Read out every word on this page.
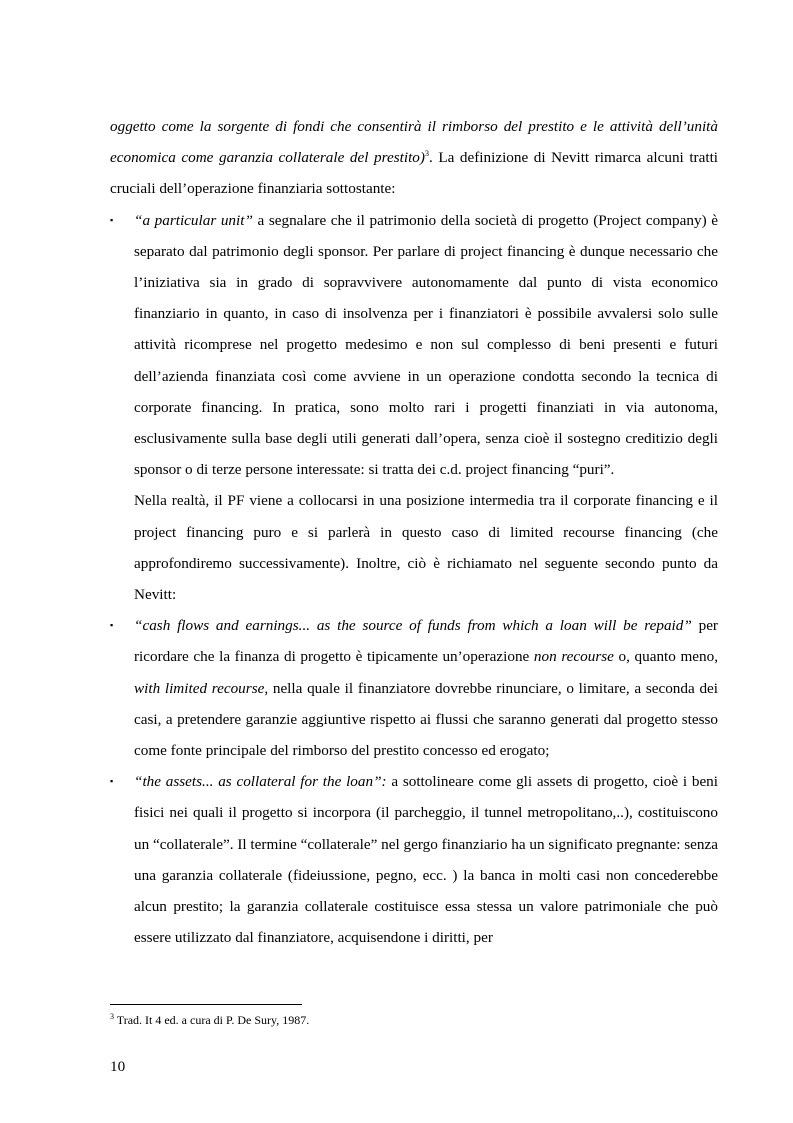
oggetto come la sorgente di fondi che consentirà il rimborso del prestito e le attività dell’unità economica come garanzia collaterale del prestito)$^3$. La definizione di Nevitt rimarca alcuni tratti cruciali dell’operazione finanziaria sottostante:

▪ “a particular unit” a segnalare che il patrimonio della società di progetto (Project company) è separato dal patrimonio degli sponsor. Per parlare di project financing è dunque necessario che l’iniziativa sia in grado di sopravvivere autonomamente dal punto di vista economico finanziario in quanto, in caso di insolvenza per i finanziatori è possibile avvalersi solo sulle attività ricomprese nel progetto medesimo e non sul complesso di beni presenti e futuri dell’azienda finanziata così come avviene in un operazione condotta secondo la tecnica di corporate financing. In pratica, sono molto rari i progetti finanziati in via autonoma, esclusivamente sulla base degli utili generati dall’opera, senza cioè il sostegno creditizio degli sponsor o di terze persone interessate: si tratta dei c.d. project financing “puri”.

Nella realtà, il PF viene a collocarsi in una posizione intermedia tra il corporate financing e il project financing puro e si parlerà in questo caso di limited recourse financing (che approfondiremo successivamente). Inoltre, ciò è richiamato nel seguente secondo punto da Nevitt:

▪ “cash flows and earnings... as the source of funds from which a loan will be repaid” per ricordare che la finanza di progetto è tipicamente un’operazione non recourse o, quanto meno, with limited recourse, nella quale il finanziatore dovrebbe rinunciare, o limitare, a seconda dei casi, a pretendere garanzie aggiuntive rispetto ai flussi che saranno generati dal progetto stesso come fonte principale del rimborso del prestito concesso ed erogato;

▪ “the assets... as collateral for the loan”: a sottolineare come gli assets di progetto, cioè i beni fisici nei quali il progetto si incorpora (il parcheggio, il tunnel metropolitano,..), costituiscono un “collaterale”. Il termine “collaterale” nel gergo finanziario ha un significato pregnante: senza una garanzia collaterale (fideiussione, pegno, ecc. ) la banca in molti casi non concederebbe alcun prestito; la garanzia collaterale costituisce essa stessa un valore patrimoniale che può essere utilizzato dal finanziatore, acquisendone i diritti, per

$^3$ Trad. It 4 ed. a cura di P. De Sury, 1987.
10
